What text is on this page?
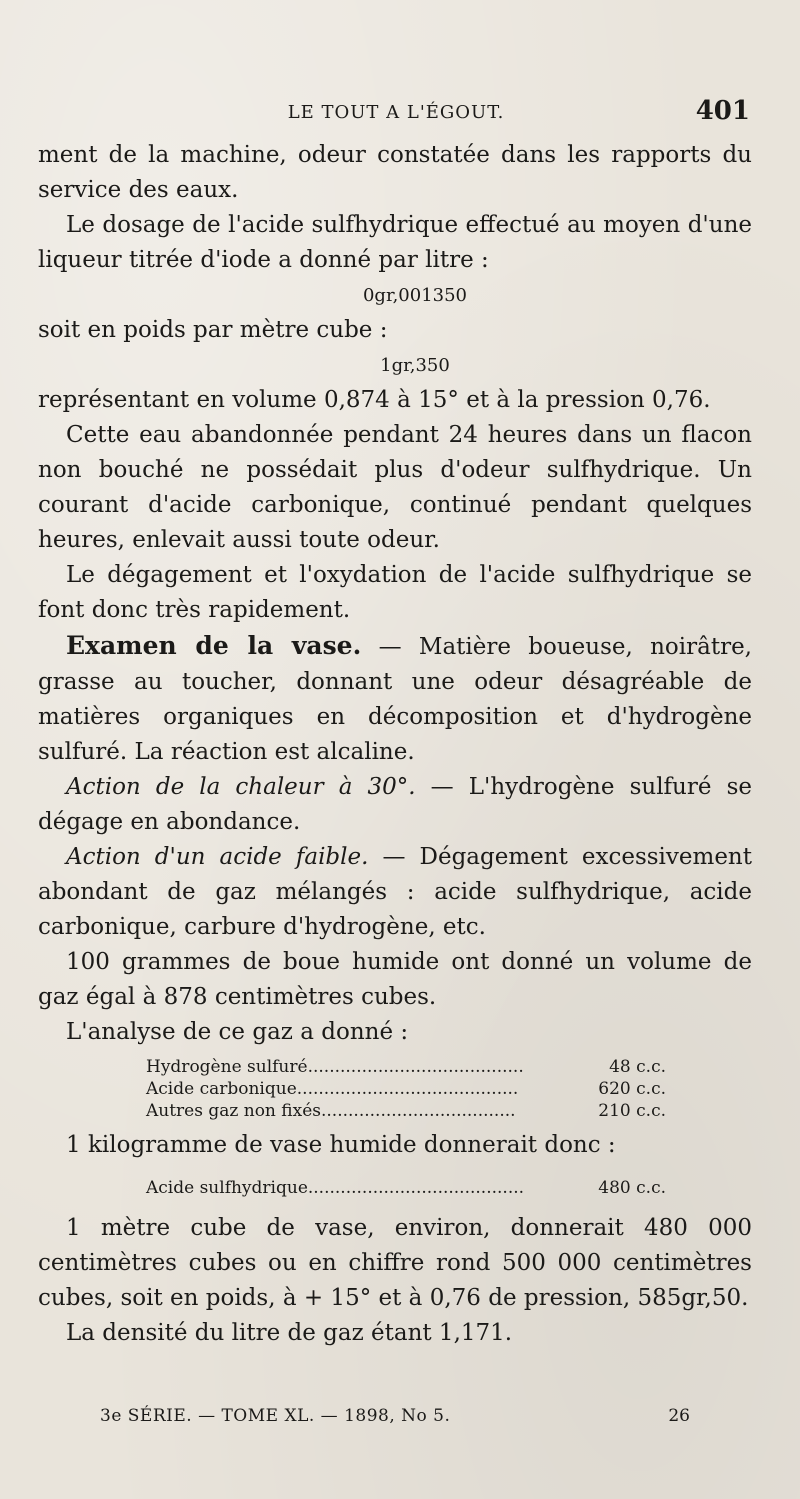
LE TOUT A L'ÉGOUT.	401

ment de la machine, odeur constatée dans les rapports du service des eaux.

Le dosage de l'acide sulfhydrique effectué au moyen d'une liqueur titrée d'iode a donné par litre :

0gr,001350

soit en poids par mètre cube :

1gr,350

représentant en volume 0,874 à 15° et à la pression 0,76.

Cette eau abandonnée pendant 24 heures dans un flacon non bouché ne possédait plus d'odeur sulfhydrique. Un courant d'acide carbonique, continué pendant quelques heures, enlevait aussi toute odeur.

Le dégagement et l'oxydation de l'acide sulfhydrique se font donc très rapidement.

Examen de la vase. — Matière boueuse, noirâtre, grasse au toucher, donnant une odeur désagréable de matières organiques en décomposition et d'hydrogène sulfuré. La réaction est alcaline.

Action de la chaleur à 30°. — L'hydrogène sulfuré se dégage en abondance.

Action d'un acide faible. — Dégagement excessivement abondant de gaz mélangés : acide sulfhydrique, acide carbonique, carbure d'hydrogène, etc.

100 grammes de boue humide ont donné un volume de gaz égal à 878 centimètres cubes.

L'analyse de ce gaz a donné :

Hydrogène sulfuré........................................	48 c.c.
Acide carbonique.........................................	620 c.c.
Autres gaz non fixés....................................	210 c.c.

1 kilogramme de vase humide donnerait donc :

Acide sulfhydrique........................................	480 c.c.

1 mètre cube de vase, environ, donnerait 480 000 centimètres cubes ou en chiffre rond 500 000 centimètres cubes, soit en poids, à + 15° et à 0,76 de pression, 585gr,50.

La densité du litre de gaz étant 1,171.

3e SÉRIE. — TOME XL. — 1898, No 5.	26
